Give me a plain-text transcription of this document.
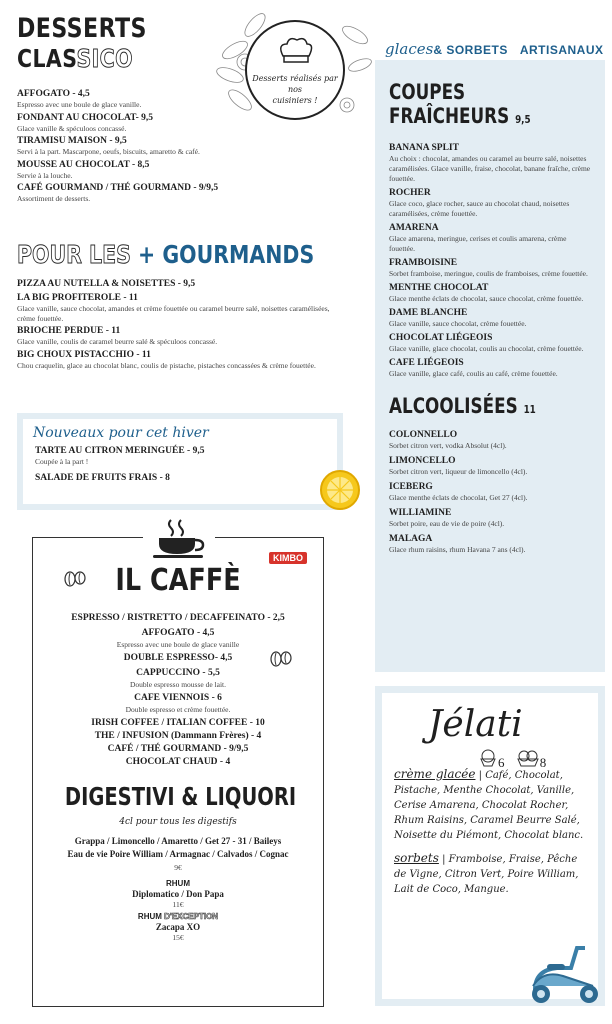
DESSERTS
CLASSICO
AFFOGATO - 4,5
Espresso avec une boule de glace vanille.
FONDANT AU CHOCOLAT- 9,5
Glace vanille & spéculoos concassé.
TIRAMISU MAISON - 9,5
Servi à la part. Mascarpone, oeufs, biscuits, amaretto & café.
MOUSSE AU CHOCOLAT - 8,5
Servie à la louche.
CAFÉ GOURMAND / THÉ GOURMAND - 9/9,5
Assortiment de desserts.
Desserts réalisés par
nos
cuisiniers !
POUR LES + GOURMANDS
PIZZA AU NUTELLA & NOISETTES - 9,5
LA BIG PROFITEROLE - 11
Glace vanille, sauce chocolat, amandes et crème fouettée ou caramel beurre salé, noisettes caramélisées, crème fouettée.
BRIOCHE PERDUE - 11
Glace vanille, coulis de caramel beurre salé & spéculoos concassé.
BIG CHOUX PISTACCHIO - 11
Chou craquelin, glace au chocolat blanc, coulis de pistache, pistaches concassées & crème fouettée.
Nouveaux pour cet hiver
TARTE AU CITRON MERINGUÉE - 9,5
Coupée à la part !
SALADE DE FRUITS FRAIS - 8
KIMBO
IL CAFFÈ
ESPRESSO / RISTRETTO / DECAFFEINATO - 2,5
AFFOGATO - 4,5
Espresso avec une boule de glace vanille
DOUBLE ESPRESSO- 4,5
CAPPUCCINO - 5,5
Double espresso mousse de lait.
CAFE VIENNOIS - 6
Double espresso et crème fouettée.
IRISH COFFEE / ITALIAN COFFEE - 10
THE / INFUSION (Dammann Frères) - 4
CAFÉ / THÉ GOURMAND - 9/9,5
CHOCOLAT CHAUD - 4
DIGESTIVI & LIQUORI
4cl pour tous les digestifs
Grappa / Limoncello / Amaretto / Get 27 - 31 / Baileys
Eau de vie Poire William / Armagnac / Calvados / Cognac
9€
RHUM
Diplomatico / Don Papa
11€
RHUM D'EXCEPTION
Zacapa XO
15€
glaces& SORBETS ARTISANAUX
COUPES
FRAÎCHEURS 9,5
BANANA SPLIT
Au choix : chocolat, amandes ou caramel au beurre salé, noisettes caramélisées. Glace vanille, fraise, chocolat, banane fraîche, crème fouettée.
ROCHER
Glace coco, glace rocher, sauce au chocolat chaud, noisettes caramélisées, crème fouettée.
AMARENA
Glace amarena, meringue, cerises et coulis amarena, crème fouettée.
FRAMBOISINE
Sorbet framboise, meringue, coulis de framboises, crème fouettée.
MENTHE CHOCOLAT
Glace menthe éclats de chocolat, sauce chocolat, crème fouettée.
DAME BLANCHE
Glace vanille, sauce chocolat, crème fouettée.
CHOCOLAT LIÉGEOIS
Glace vanille, glace chocolat, coulis au chocolat, crème fouettée.
CAFE LIÉGEOIS
Glace vanille, glace café, coulis au café, crème fouettée.
ALCOOLISÉES 11
COLONNELLO
Sorbet citron vert, vodka Absolut (4cl).
LIMONCELLO
Sorbet citron vert, liqueur de limoncello (4cl).
ICEBERG
Glace menthe éclats de chocolat, Get 27 (4cl).
WILLIAMINE
Sorbet poire, eau de vie de poire (4cl).
MALAGA
Glace rhum raisins, rhum Havana 7 ans (4cl).
Jélati
6	8
crème glacée | Café, Chocolat, Pistache, Menthe Chocolat, Vanille, Cerise Amarena, Chocolat Rocher, Rhum Raisins, Caramel Beurre Salé, Noisette du Piémont, Chocolat blanc.
sorbets | Framboise, Fraise, Pêche de Vigne, Citron Vert, Poire William, Lait de Coco, Mangue.
